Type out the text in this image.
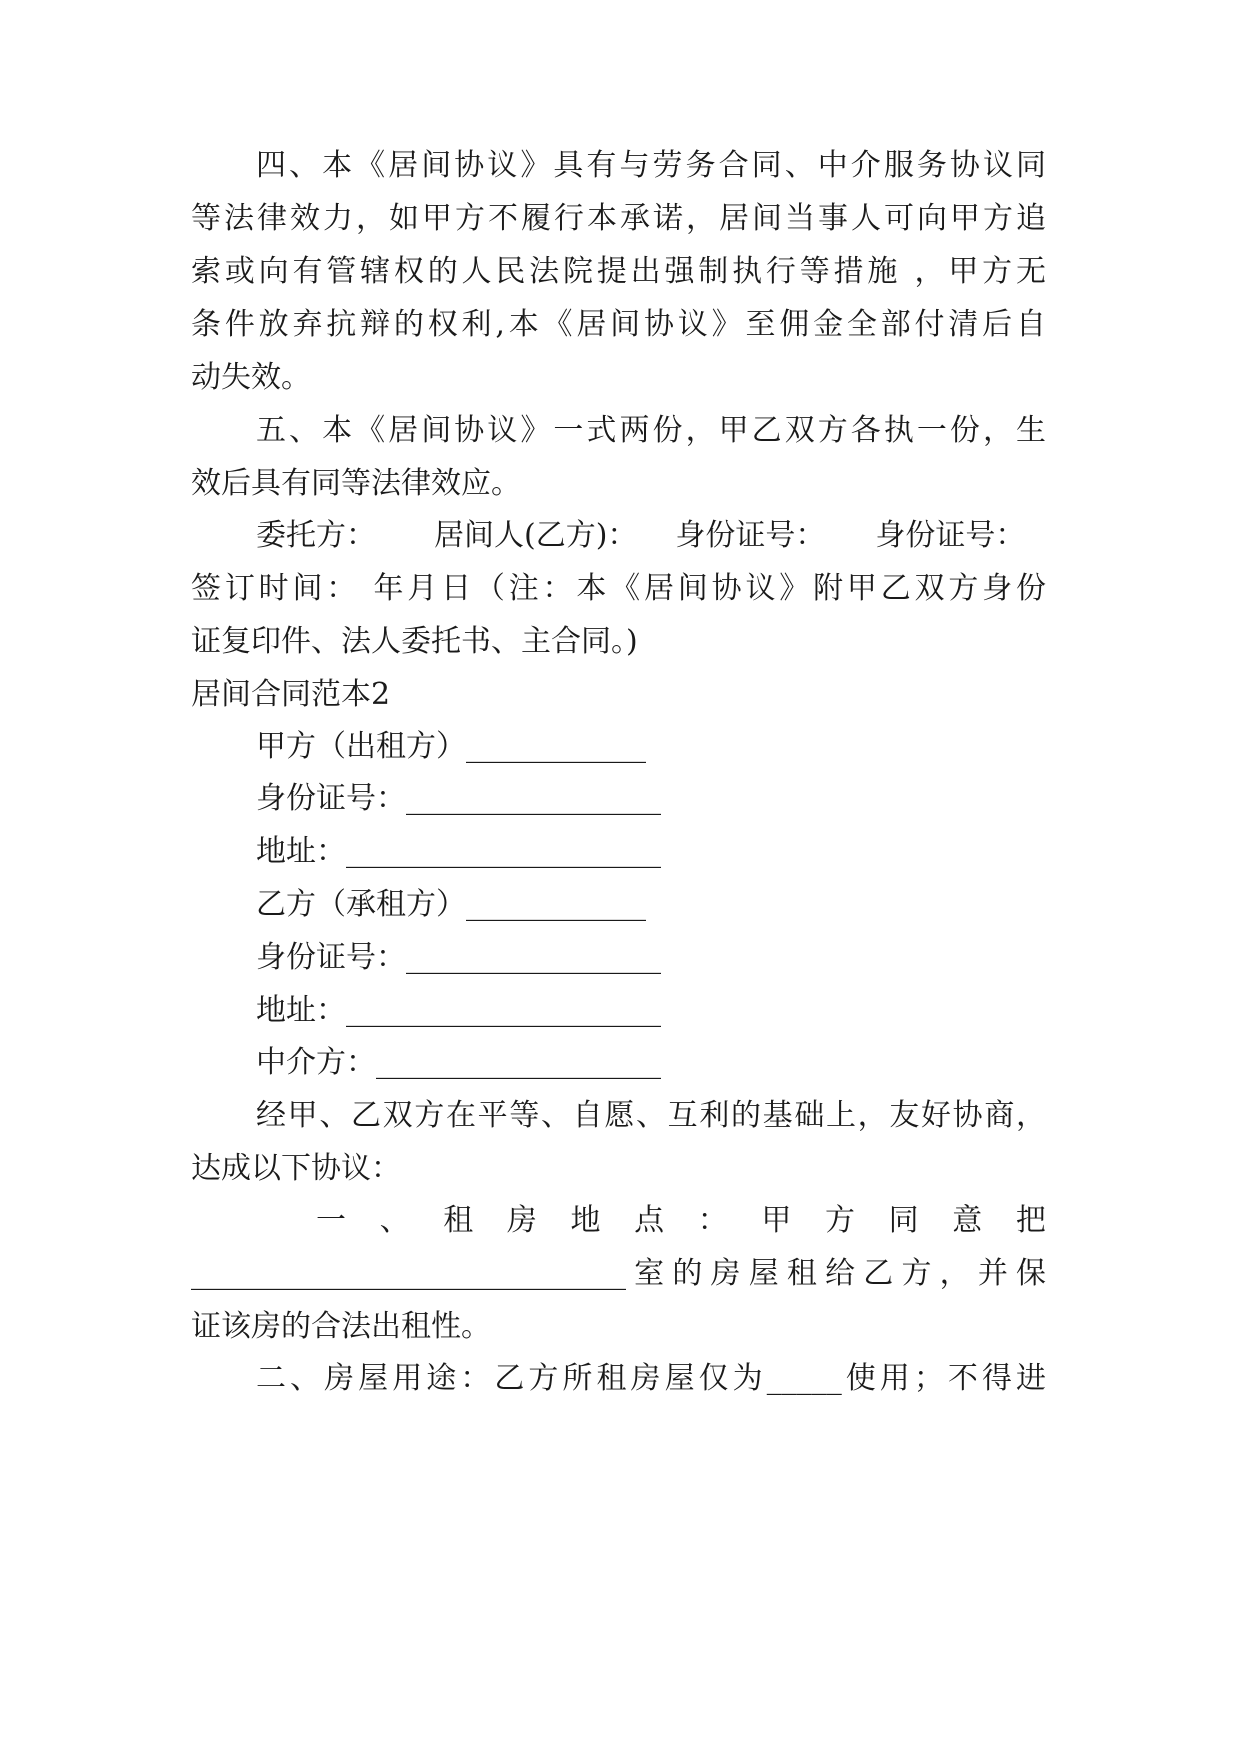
四、本《居间协议》具有与劳务合同、中介服务协议同
等法律效力，如甲方不履行本承诺，居间当事人可向甲方追
索或向有管辖权的人民法院提出强制执行等措施 ，甲方无
条件放弃抗辩的权利,本《居间协议》至佣金全部付清后自
动失效。
五、本《居间协议》一式两份，甲乙双方各执一份，生
效后具有同等法律效应。
委托方： 居间人(乙方)： 身份证号： 身份证号：
签订时间： 年月日（注：本《居间协议》附甲乙双方身份
证复印件、法人委托书、主合同。)
居间合同范本2
甲方（出租方）____________
身份证号：_________________
地址：_____________________
乙方（承租方）____________
身份证号：_________________
地址：_____________________
中介方：___________________
经甲、乙双方在平等、自愿、互利的基础上，友好协商，
达成以下协议：
一 、 租 房 地 点 ： 甲 方 同 意 把
_____________________________室的房屋租给乙方，并保
证该房的合法出租性。
二、房屋用途：乙方所租房屋仅为_____使用；不得进
